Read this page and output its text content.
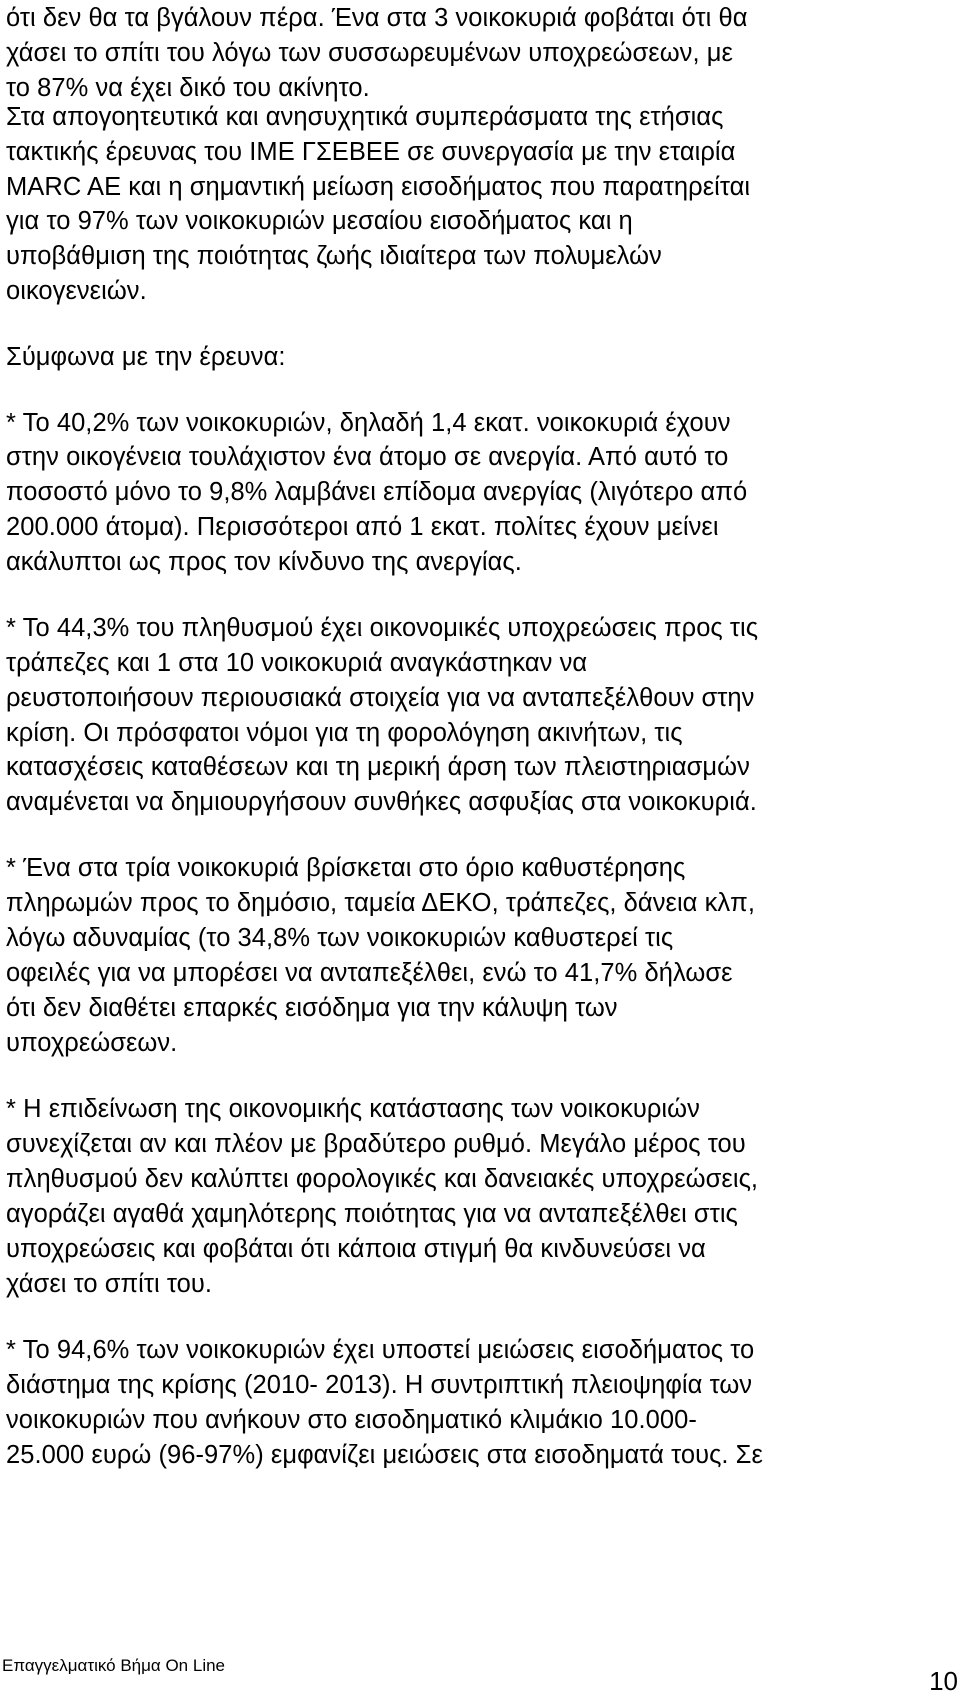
ότι δεν θα τα βγάλουν πέρα. Ένα στα 3 νοικοκυριά φοβάται ότι θα
χάσει το σπίτι του λόγω των συσσωρευμένων υποχρεώσεων, με
το 87% να έχει δικό του ακίνητο.
Στα απογοητευτικά και ανησυχητικά συμπεράσματα της ετήσιας
τακτικής έρευνας του ΙΜΕ ΓΣΕΒΕΕ σε συνεργασία με την εταιρία
MARC AE και η σημαντική μείωση εισοδήματος που παρατηρείται
για το 97% των νοικοκυριών μεσαίου εισοδήματος και η
υποβάθμιση της ποιότητας ζωής ιδιαίτερα των πολυμελών
οικογενειών.
Σύμφωνα με την έρευνα:
* Το 40,2% των νοικοκυριών, δηλαδή 1,4 εκατ. νοικοκυριά έχουν
στην οικογένεια τουλάχιστον ένα άτομο σε ανεργία. Από αυτό το
ποσοστό μόνο το 9,8% λαμβάνει επίδομα ανεργίας (λιγότερο από
200.000 άτομα). Περισσότεροι από 1 εκατ. πολίτες έχουν μείνει
ακάλυπτοι ως προς τον κίνδυνο της ανεργίας.
* Το 44,3% του πληθυσμού έχει οικονομικές υποχρεώσεις προς τις
τράπεζες και 1 στα 10 νοικοκυριά αναγκάστηκαν να
ρευστοποιήσουν περιουσιακά στοιχεία για να ανταπεξέλθουν στην
κρίση. Οι πρόσφατοι νόμοι για τη φορολόγηση ακινήτων, τις
κατασχέσεις καταθέσεων και τη μερική άρση των πλειστηριασμών
αναμένεται να δημιουργήσουν συνθήκες ασφυξίας στα νοικοκυριά.
* Ένα στα τρία νοικοκυριά βρίσκεται στο όριο καθυστέρησης
πληρωμών προς το δημόσιο, ταμεία ΔΕΚΟ, τράπεζες, δάνεια κλπ,
λόγω αδυναμίας (το 34,8% των νοικοκυριών καθυστερεί τις
οφειλές για να μπορέσει να ανταπεξέλθει, ενώ το 41,7% δήλωσε
ότι δεν διαθέτει επαρκές εισόδημα για την κάλυψη των
υποχρεώσεων.
* Η επιδείνωση της οικονομικής κατάστασης των νοικοκυριών
συνεχίζεται αν και πλέον με βραδύτερο ρυθμό. Μεγάλο μέρος του
πληθυσμού δεν καλύπτει φορολογικές και δανειακές υποχρεώσεις,
αγοράζει αγαθά χαμηλότερης ποιότητας για να ανταπεξέλθει στις
υποχρεώσεις και φοβάται ότι κάποια στιγμή θα κινδυνεύσει να
χάσει το σπίτι του.
* Το 94,6% των νοικοκυριών έχει υποστεί μειώσεις εισοδήματος το
διάστημα της κρίσης (2010- 2013). Η συντριπτική πλειοψηφία των
νοικοκυριών που ανήκουν στο εισοδηματικό κλιμάκιο 10.000-
25.000 ευρώ (96-97%) εμφανίζει μειώσεις στα εισοδηματά τους. Σε
Επαγγελματικό Βήμα On Line
10
